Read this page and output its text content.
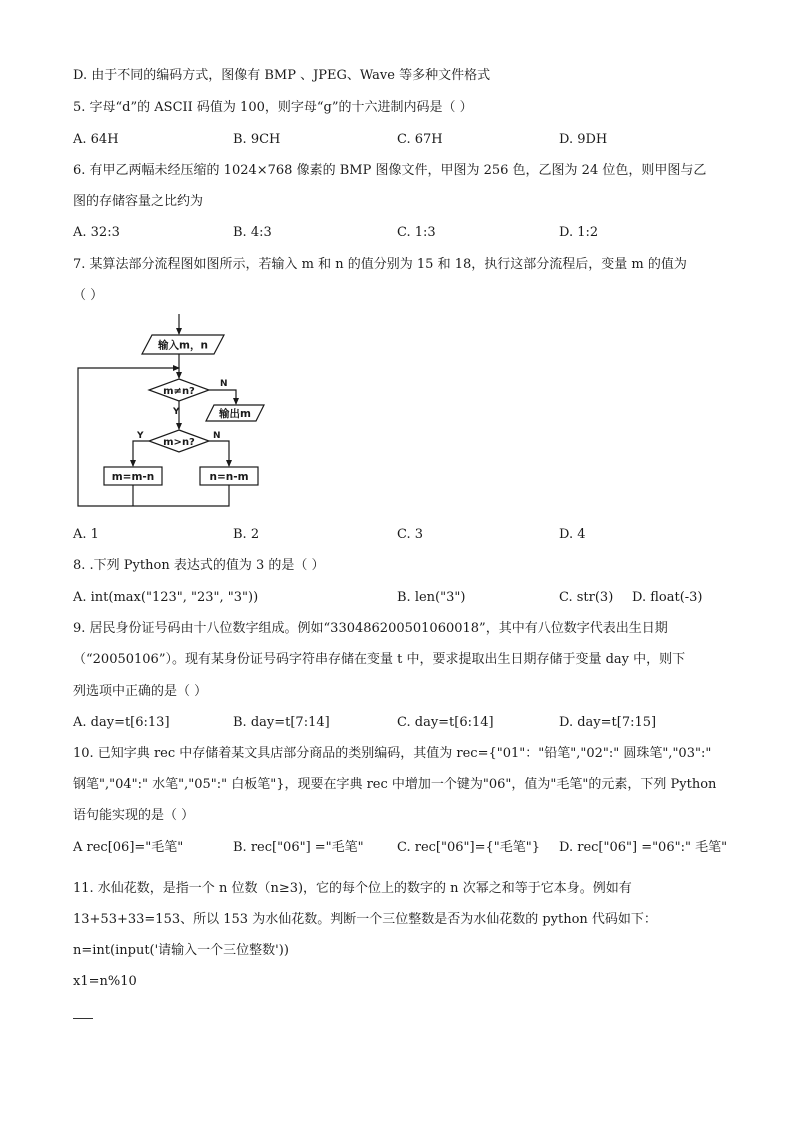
D. 由于不同的编码方式，图像有 BMP 、JPEG、Wave 等多种文件格式
5. 字母“d”的 ASCII 码值为 100，则字母“g”的十六进制内码是（ ）
A. 64H	B. 9CH	C. 67H	D. 9DH
6. 有甲乙两幅未经压缩的 1024×768 像素的 BMP 图像文件，甲图为 256 色，乙图为 24 位色，则甲图与乙
图的存储容量之比约为
A. 32:3	B. 4:3	C. 1:3	D. 1:2
7. 某算法部分流程图如图所示，若输入 m 和 n 的值分别为 15 和 18，执行这部分流程后，变量 m 的值为
（ ）
输入m，n
m≠n?
N
Y	输出m
m>n?
Y	N
m=m-n	n=n-m
A. 1	B. 2	C. 3	D. 4
8. .下列 Python 表达式的值为 3 的是（ ）
A. int(max("123", "23", "3"))	B. len("3")	C. str(3) D. float(-3)
9. 居民身份证号码由十八位数字组成。例如“330486200501060018”，其中有八位数字代表出生日期
（“20050106”）。现有某身份证号码字符串存储在变量 t 中，要求提取出生日期存储于变量 day 中，则下
列选项中正确的是（ ）
A. day=t[6:13]	B. day=t[7:14]	C. day=t[6:14]	D. day=t[7:15]
10. 已知字典 rec 中存储着某文具店部分商品的类别编码，其值为 rec={"01"："铅笔","02":" 圆珠笔","03":"
钢笔","04":" 水笔","05":" 白板笔"}，现要在字典 rec 中增加一个键为"06"，值为"毛笔"的元素，下列 Python
语句能实现的是（ ）
A rec[06]="毛笔"	B. rec["06"] ="毛笔"	C. rec["06"]={"毛笔"} D. rec["06"] ="06":" 毛笔"
11. 水仙花数，是指一个 n 位数（n≥3)，它的每个位上的数字的 n 次幂之和等于它本身。例如有
13+53+33=153、所以 153 为水仙花数。判断一个三位整数是否为水仙花数的 python 代码如下：
n=int(input('请输入一个三位整数'))
x1=n%10
